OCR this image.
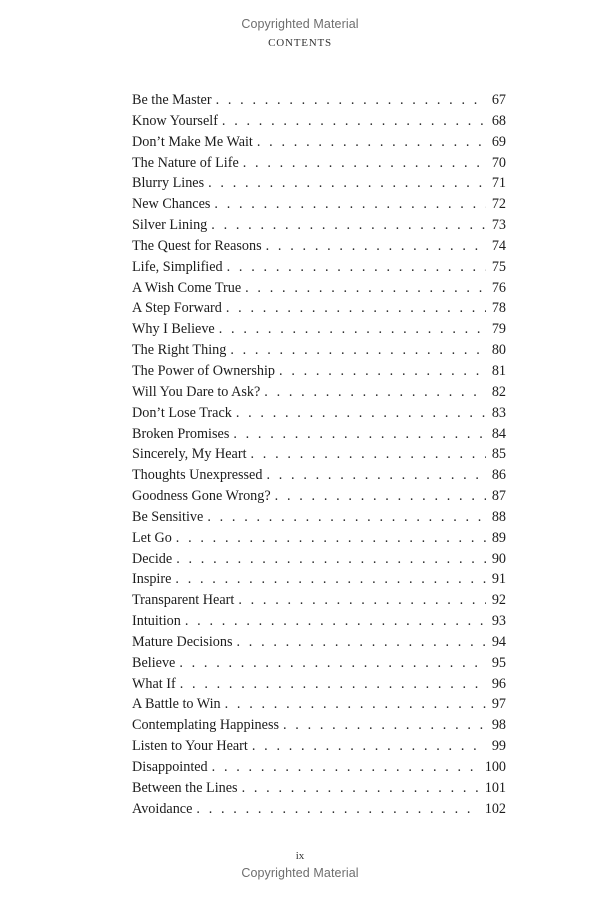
Copyrighted Material
CONTENTS
Be the Master . . .	67
Know Yourself . . .	68
Don’t Make Me Wait . . .	69
The Nature of Life . . .	70
Blurry Lines . . .	71
New Chances . . .	72
Silver Lining . . .	73
The Quest for Reasons . . .	74
Life, Simplified . . .	75
A Wish Come True . . .	76
A Step Forward . . .	78
Why I Believe . . .	79
The Right Thing . . .	80
The Power of Ownership . . .	81
Will You Dare to Ask? . . .	82
Don’t Lose Track . . .	83
Broken Promises . . .	84
Sincerely, My Heart . . .	85
Thoughts Unexpressed . . .	86
Goodness Gone Wrong? . . .	87
Be Sensitive . . .	88
Let Go . . .	89
Decide . . .	90
Inspire . . .	91
Transparent Heart . . .	92
Intuition . . .	93
Mature Decisions . . .	94
Believe . . .	95
What If . . .	96
A Battle to Win . . .	97
Contemplating Happiness . . .	98
Listen to Your Heart . . .	99
Disappointed . . .	100
Between the Lines . . .	101
Avoidance . . .	102
ix
Copyrighted Material
